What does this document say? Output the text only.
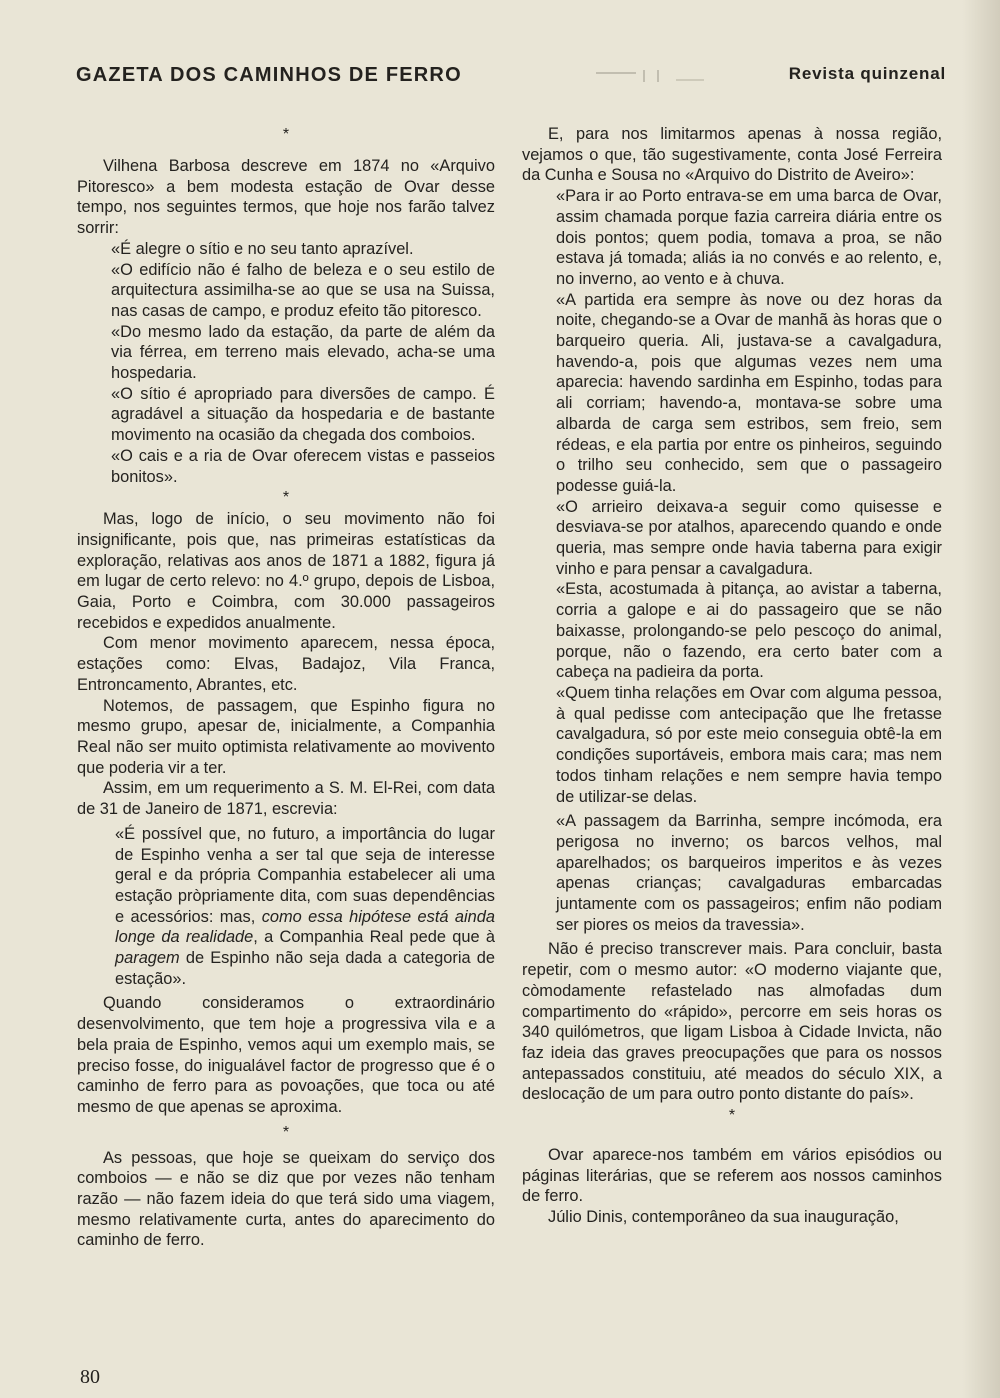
GAZETA DOS CAMINHOS DE FERRO	Revista quinzenal

*

Vilhena Barbosa descreve em 1874 no «Arquivo Pitoresco» a bem modesta estação de Ovar desse tempo, nos seguintes termos, que hoje nos farão talvez sorrir:

«É alegre o sítio e no seu tanto aprazível.

«O edifício não é falho de beleza e o seu estilo de arquitectura assimilha-se ao que se usa na Suissa, nas casas de campo, e produz efeito tão pitoresco.

«Do mesmo lado da estação, da parte de além da via férrea, em terreno mais elevado, acha-se uma hospedaria.

«O sítio é apropriado para diversões de campo. É agradável a situação da hospedaria e de bastante movimento na ocasião da chegada dos comboios.

«O cais e a ria de Ovar oferecem vistas e passeios bonitos».

*

Mas, logo de início, o seu movimento não foi insignificante, pois que, nas primeiras estatísticas da exploração, relativas aos anos de 1871 a 1882, figura já em lugar de certo relevo: no 4.º grupo, depois de Lisboa, Gaia, Porto e Coimbra, com 30.000 passageiros recebidos e expedidos anualmente.

Com menor movimento aparecem, nessa época, estações como: Elvas, Badajoz, Vila Franca, Entroncamento, Abrantes, etc.

Notemos, de passagem, que Espinho figura no mesmo grupo, apesar de, inicialmente, a Companhia Real não ser muito optimista relativamente ao movivento que poderia vir a ter.

Assim, em um requerimento a S. M. El-Rei, com data de 31 de Janeiro de 1871, escrevia:

«É possível que, no futuro, a importância do lugar de Espinho venha a ser tal que seja de interesse geral e da própria Companhia estabelecer ali uma estação pròpriamente dita, com suas dependências e acessórios: mas, como essa hipótese está ainda longe da realidade, a Companhia Real pede que à paragem de Espinho não seja dada a categoria de estação».

Quando consideramos o extraordinário desenvolvimento, que tem hoje a progressiva vila e a bela praia de Espinho, vemos aqui um exemplo mais, se preciso fosse, do inigualável factor de progresso que é o caminho de ferro para as povoações, que toca ou até mesmo de que apenas se aproxima.

*

As pessoas, que hoje se queixam do serviço dos comboios — e não se diz que por vezes não tenham razão — não fazem ideia do que terá sido uma viagem, mesmo relativamente curta, antes do aparecimento do caminho de ferro.

E, para nos limitarmos apenas à nossa região, vejamos o que, tão sugestivamente, conta José Ferreira da Cunha e Sousa no «Arquivo do Distrito de Aveiro»:

«Para ir ao Porto entrava-se em uma barca de Ovar, assim chamada porque fazia carreira diária entre os dois pontos; quem podia, tomava a proa, se não estava já tomada; aliás ia no convés e ao relento, e, no inverno, ao vento e à chuva.

«A partida era sempre às nove ou dez horas da noite, chegando-se a Ovar de manhã às horas que o barqueiro queria. Ali, justava-se a cavalgadura, havendo-a, pois que algumas vezes nem uma aparecia: havendo sardinha em Espinho, todas para ali corriam; havendo-a, montava-se sobre uma albarda de carga sem estribos, sem freio, sem rédeas, e ela partia por entre os pinheiros, seguindo o trilho seu conhecido, sem que o passageiro podesse guiá-la.

«O arrieiro deixava-a seguir como quisesse e desviava-se por atalhos, aparecendo quando e onde queria, mas sempre onde havia taberna para exigir vinho e para pensar a cavalgadura.

«Esta, acostumada à pitança, ao avistar a taberna, corria a galope e ai do passageiro que se não baixasse, prolongando-se pelo pescoço do animal, porque, não o fazendo, era certo bater com a cabeça na padieira da porta.

«Quem tinha relações em Ovar com alguma pessoa, à qual pedisse com antecipação que lhe fretasse cavalgadura, só por este meio conseguia obtê-la em condições suportáveis, embora mais cara; mas nem todos tinham relações e nem sempre havia tempo de utilizar-se delas.

«A passagem da Barrinha, sempre incómoda, era perigosa no inverno; os barcos velhos, mal aparelhados; os barqueiros imperitos e às vezes apenas crianças; cavalgaduras embarcadas juntamente com os passageiros; enfim não podiam ser piores os meios da travessia».

Não é preciso transcrever mais. Para concluir, basta repetir, com o mesmo autor: «O moderno viajante que, còmodamente refastelado nas almofadas dum compartimento do «rápido», percorre em seis horas os 340 quilómetros, que ligam Lisboa à Cidade Invicta, não faz ideia das graves preocupações que para os nossos antepassados constituiu, até meados do século XIX, a deslocação de um para outro ponto distante do país».

*

Ovar aparece-nos também em vários episódios ou páginas literárias, que se referem aos nossos caminhos de ferro.

Júlio Dinis, contemporâneo da sua inauguração,

80
